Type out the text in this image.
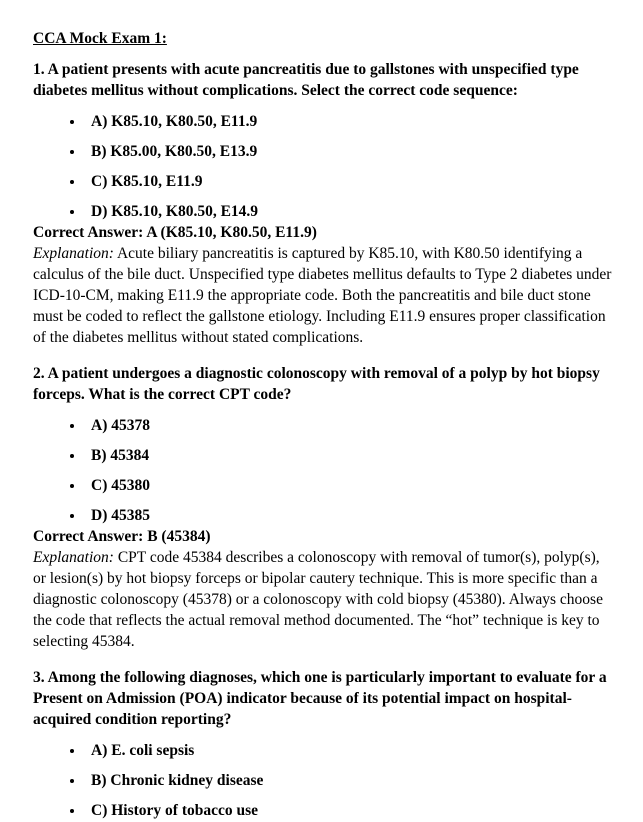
CCA Mock Exam 1:

1. A patient presents with acute pancreatitis due to gallstones with unspecified type diabetes mellitus without complications. Select the correct code sequence:

• A) K85.10, K80.50, E11.9
• B) K85.00, K80.50, E13.9
• C) K85.10, E11.9
• D) K85.10, K80.50, E14.9

Correct Answer: A (K85.10, K80.50, E11.9)
Explanation: Acute biliary pancreatitis is captured by K85.10, with K80.50 identifying a calculus of the bile duct. Unspecified type diabetes mellitus defaults to Type 2 diabetes under ICD-10-CM, making E11.9 the appropriate code. Both the pancreatitis and bile duct stone must be coded to reflect the gallstone etiology. Including E11.9 ensures proper classification of the diabetes mellitus without stated complications.

2. A patient undergoes a diagnostic colonoscopy with removal of a polyp by hot biopsy forceps. What is the correct CPT code?

• A) 45378
• B) 45384
• C) 45380
• D) 45385

Correct Answer: B (45384)
Explanation: CPT code 45384 describes a colonoscopy with removal of tumor(s), polyp(s), or lesion(s) by hot biopsy forceps or bipolar cautery technique. This is more specific than a diagnostic colonoscopy (45378) or a colonoscopy with cold biopsy (45380). Always choose the code that reflects the actual removal method documented. The “hot” technique is key to selecting 45384.

3. Among the following diagnoses, which one is particularly important to evaluate for a Present on Admission (POA) indicator because of its potential impact on hospital-acquired condition reporting?

• A) E. coli sepsis
• B) Chronic kidney disease
• C) History of tobacco use
